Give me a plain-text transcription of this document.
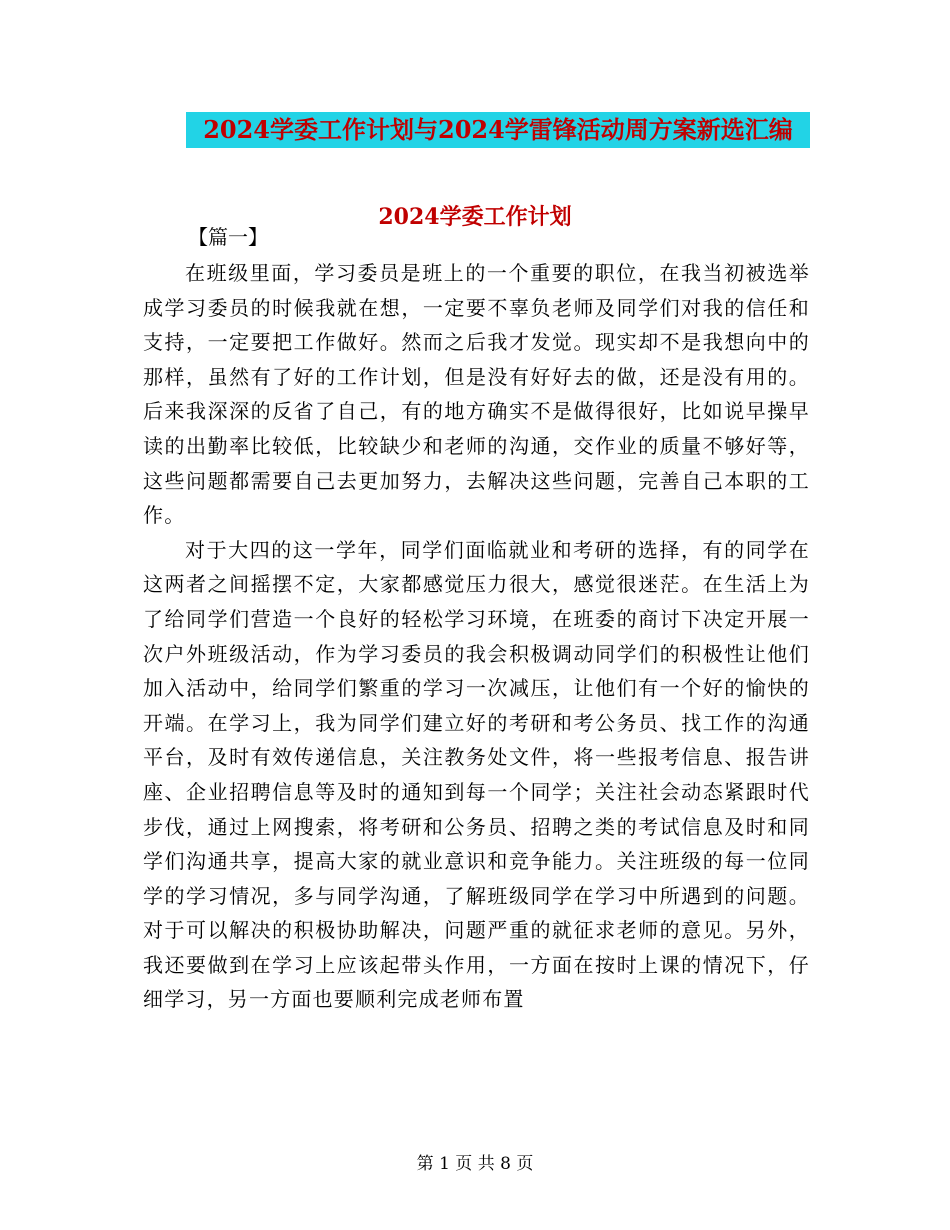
2024学委工作计划与2024学雷锋活动周方案新选汇编
2024学委工作计划
【篇一】

在班级里面，学习委员是班上的一个重要的职位，在我当初被选举成学习委员的时候我就在想，一定要不辜负老师及同学们对我的信任和支持，一定要把工作做好。然而之后我才发觉。现实却不是我想向中的那样，虽然有了好的工作计划，但是没有好好去的做，还是没有用的。后来我深深的反省了自己，有的地方确实不是做得很好，比如说早操早读的出勤率比较低，比较缺少和老师的沟通，交作业的质量不够好等，这些问题都需要自己去更加努力，去解决这些问题，完善自己本职的工作。

对于大四的这一学年，同学们面临就业和考研的选择，有的同学在这两者之间摇摆不定，大家都感觉压力很大，感觉很迷茫。在生活上为了给同学们营造一个良好的轻松学习环境，在班委的商讨下决定开展一次户外班级活动，作为学习委员的我会积极调动同学们的积极性让他们加入活动中，给同学们繁重的学习一次减压，让他们有一个好的愉快的开端。在学习上，我为同学们建立好的考研和考公务员、找工作的沟通平台，及时有效传递信息，关注教务处文件，将一些报考信息、报告讲座、企业招聘信息等及时的通知到每一个同学；关注社会动态紧跟时代步伐，通过上网搜索，将考研和公务员、招聘之类的考试信息及时和同学们沟通共享，提高大家的就业意识和竞争能力。关注班级的每一位同学的学习情况，多与同学沟通，了解班级同学在学习中所遇到的问题。对于可以解决的积极协助解决，问题严重的就征求老师的意见。另外，我还要做到在学习上应该起带头作用，一方面在按时上课的情况下，仔细学习，另一方面也要顺利完成老师布置

第 1 页 共 8 页
